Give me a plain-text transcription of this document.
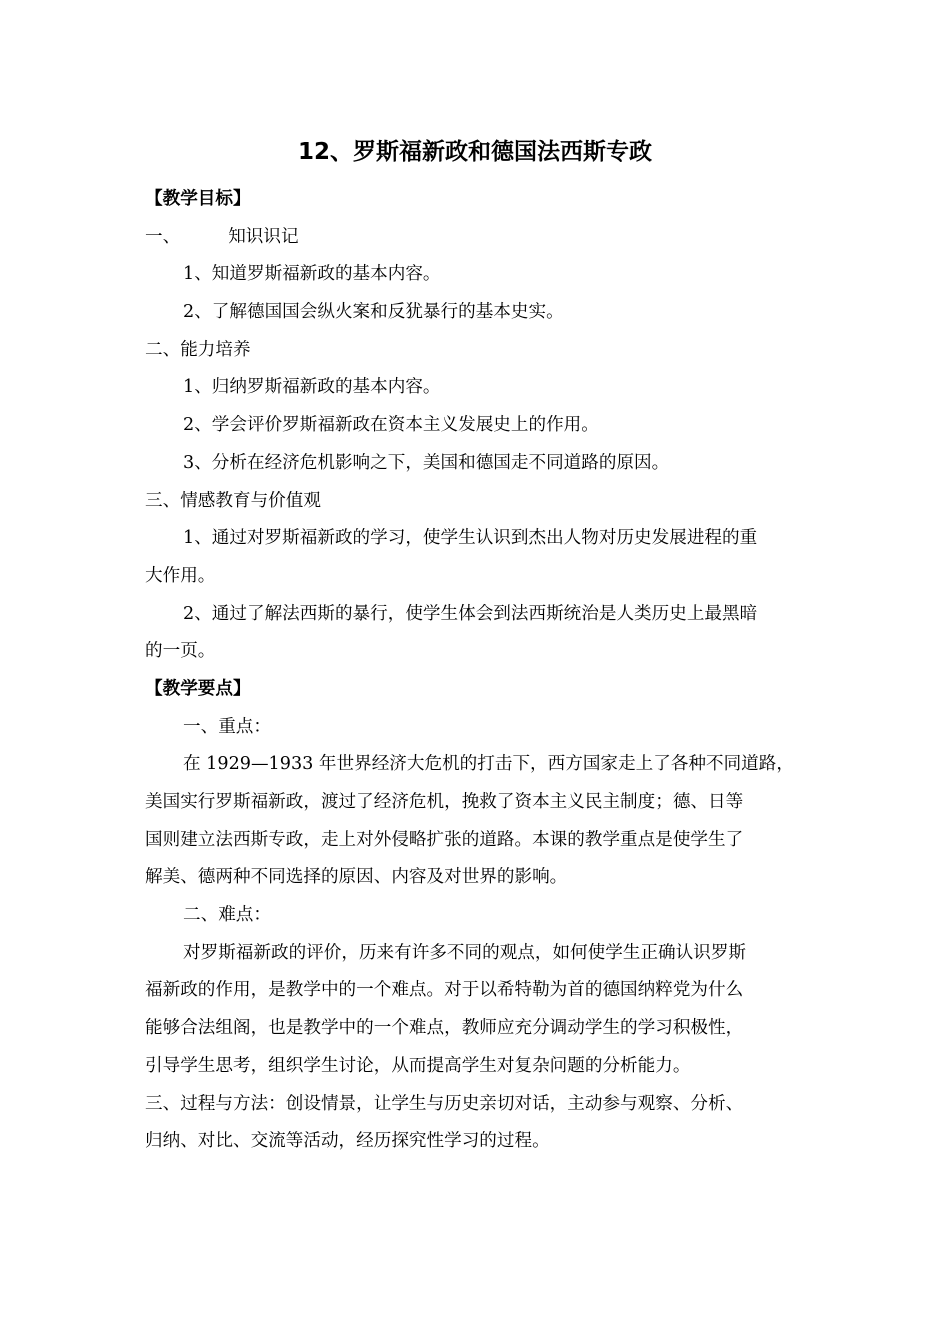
12、罗斯福新政和德国法西斯专政
【教学目标】
一、	知识识记
1、知道罗斯福新政的基本内容。
2、了解德国国会纵火案和反犹暴行的基本史实。
二、能力培养
1、归纳罗斯福新政的基本内容。
2、学会评价罗斯福新政在资本主义发展史上的作用。
3、分析在经济危机影响之下，美国和德国走不同道路的原因。
三、情感教育与价值观
1、通过对罗斯福新政的学习，使学生认识到杰出人物对历史发展进程的重
大作用。
2、通过了解法西斯的暴行，使学生体会到法西斯统治是人类历史上最黑暗
的一页。
【教学要点】
一、重点：
在 1929—1933 年世界经济大危机的打击下，西方国家走上了各种不同道路，
美国实行罗斯福新政，渡过了经济危机，挽救了资本主义民主制度；德、日等
国则建立法西斯专政，走上对外侵略扩张的道路。本课的教学重点是使学生了
解美、德两种不同选择的原因、内容及对世界的影响。
二、难点：
对罗斯福新政的评价，历来有许多不同的观点，如何使学生正确认识罗斯
福新政的作用，是教学中的一个难点。对于以希特勒为首的德国纳粹党为什么
能够合法组阁，也是教学中的一个难点，教师应充分调动学生的学习积极性，
引导学生思考，组织学生讨论，从而提高学生对复杂问题的分析能力。
三、过程与方法：创设情景，让学生与历史亲切对话，主动参与观察、分析、
归纳、对比、交流等活动，经历探究性学习的过程。
